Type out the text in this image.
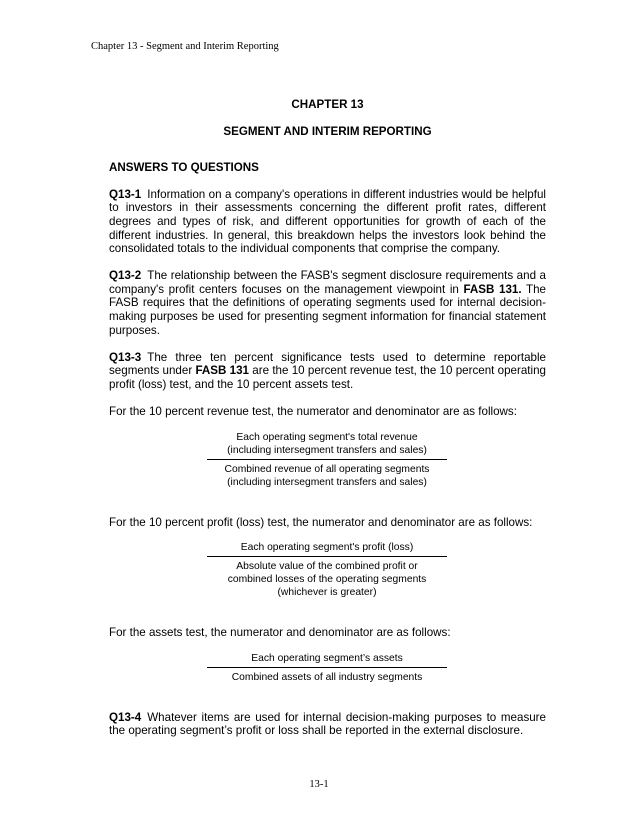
Chapter 13 - Segment and Interim Reporting
CHAPTER 13
SEGMENT AND INTERIM REPORTING
ANSWERS TO QUESTIONS

Q13-1 Information on a company's operations in different industries would be helpful to investors in their assessments concerning the different profit rates, different degrees and types of risk, and different opportunities for growth of each of the different industries. In general, this breakdown helps the investors look behind the consolidated totals to the individual components that comprise the company.

Q13-2 The relationship between the FASB's segment disclosure requirements and a company's profit centers focuses on the management viewpoint in FASB 131. The FASB requires that the definitions of operating segments used for internal decision-making purposes be used for presenting segment information for financial statement purposes.

Q13-3 The three ten percent significance tests used to determine reportable segments under FASB 131 are the 10 percent revenue test, the 10 percent operating profit (loss) test, and the 10 percent assets test.

For the 10 percent revenue test, the numerator and denominator are as follows:
Each operating segment's total revenue
(including intersegment transfers and sales)
Combined revenue of all operating segments
(including intersegment transfers and sales)
For the 10 percent profit (loss) test, the numerator and denominator are as follows:
Each operating segment's profit (loss)
Absolute value of the combined profit or
combined losses of the operating segments
(whichever is greater)
For the assets test, the numerator and denominator are as follows:
Each operating segment’s assets
Combined assets of all industry segments

Q13-4 Whatever items are used for internal decision-making purposes to measure the operating segment’s profit or loss shall be reported in the external disclosure.

13-1
